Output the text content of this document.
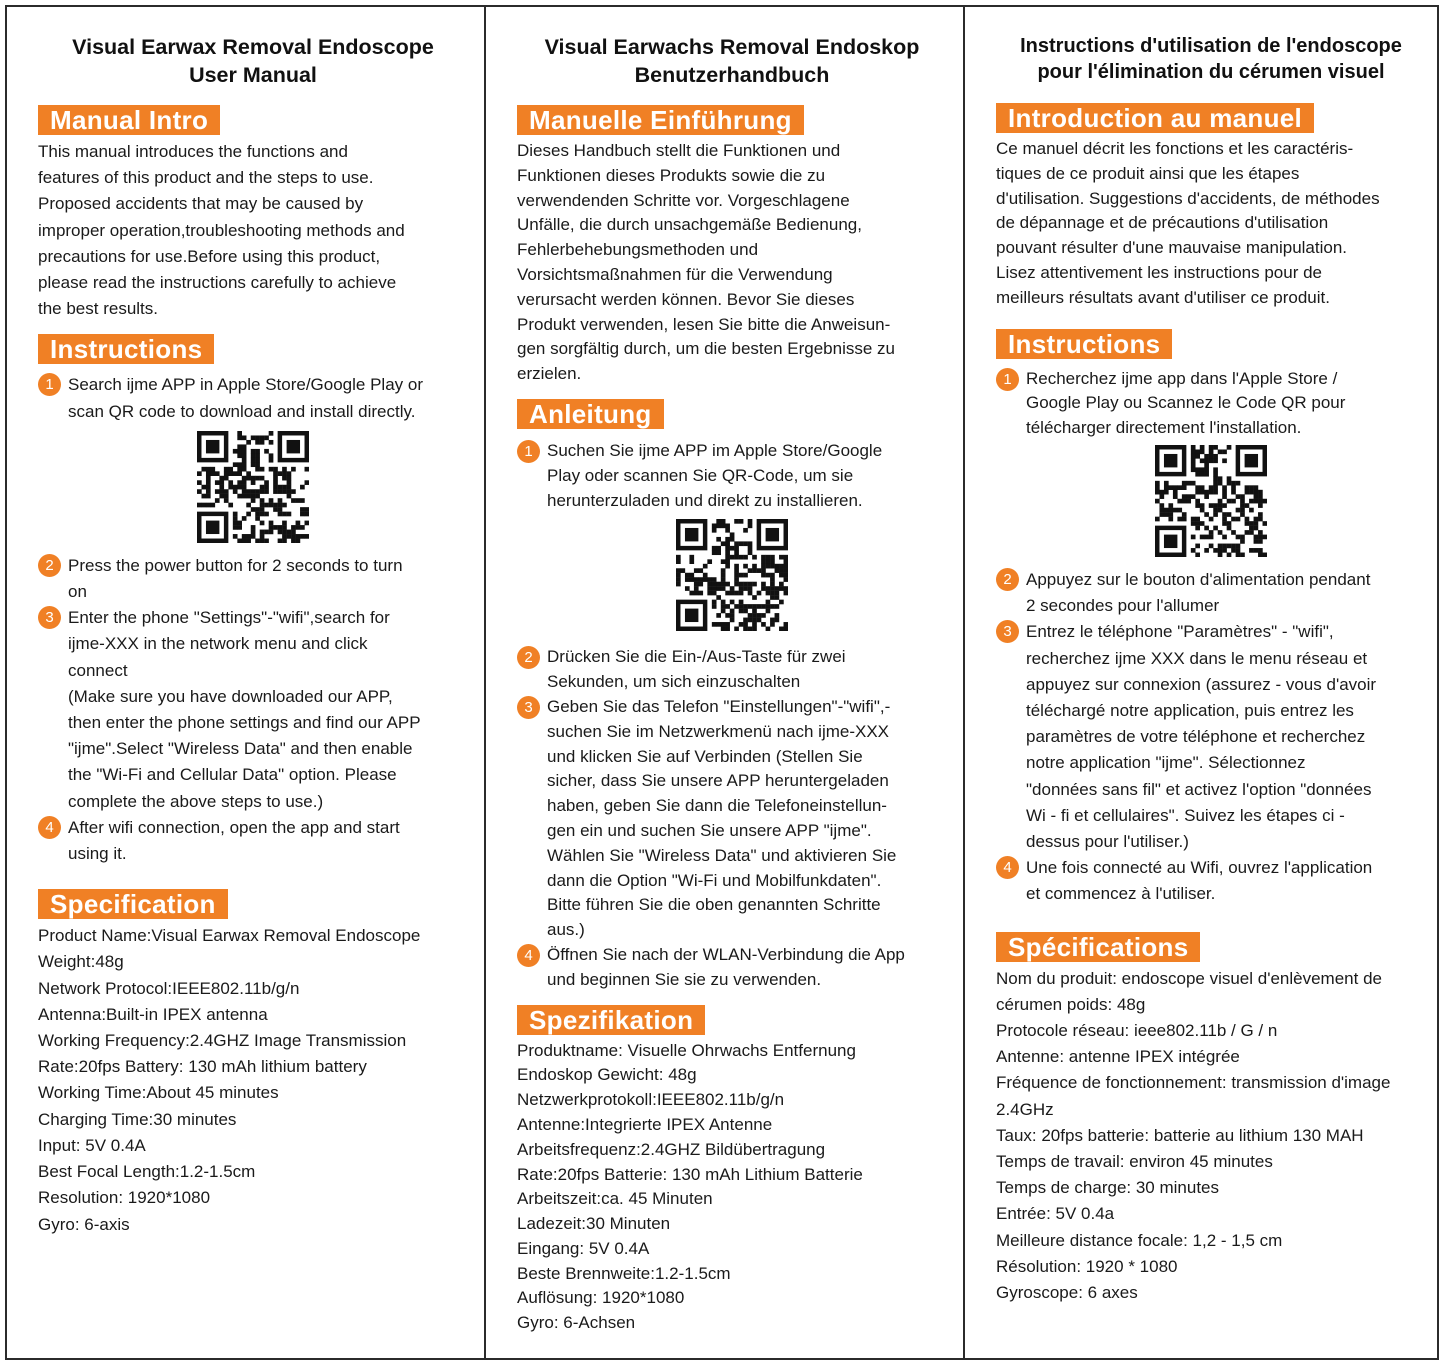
Visual Earwax Removal Endoscope
User Manual
Manual Intro
This manual introduces the functions and
features of this product and the steps to use.
Proposed accidents that may be caused by
improper operation,troubleshooting methods and
precautions for use.Before using this product,
please read the instructions carefully to achieve
the best results.
Instructions
1 Search ijme APP in Apple Store/Google Play or
scan QR code to download and install directly.
2 Press the power button for 2 seconds to turn
on
3 Enter the phone "Settings"-"wifi",search for
ijme-XXX in the network menu and click
connect
(Make sure you have downloaded our APP,
then enter the phone settings and find our APP
"ijme".Select "Wireless Data" and then enable
the "Wi-Fi and Cellular Data" option. Please
complete the above steps to use.)
4 After wifi connection, open the app and start
using it.
Specification
Product Name:Visual Earwax Removal Endoscope
Weight:48g
Network Protocol:IEEE802.11b/g/n
Antenna:Built-in IPEX antenna
Working Frequency:2.4GHZ Image Transmission
Rate:20fps Battery: 130 mAh lithium battery
Working Time:About 45 minutes
Charging Time:30 minutes
Input: 5V 0.4A
Best Focal Length:1.2-1.5cm
Resolution: 1920*1080
Gyro: 6-axis
Visual Earwachs Removal Endoskop
Benutzerhandbuch
Manuelle Einführung
Dieses Handbuch stellt die Funktionen und
Funktionen dieses Produkts sowie die zu
verwendenden Schritte vor. Vorgeschlagene
Unfälle, die durch unsachgemäße Bedienung,
Fehlerbehebungsmethoden und
Vorsichtsmaßnahmen für die Verwendung
verursacht werden können. Bevor Sie dieses
Produkt verwenden, lesen Sie bitte die Anweisun-
gen sorgfältig durch, um die besten Ergebnisse zu
erzielen.
Anleitung
1 Suchen Sie ijme APP im Apple Store/Google
Play oder scannen Sie QR-Code, um sie
herunterzuladen und direkt zu installieren.
2 Drücken Sie die Ein-/Aus-Taste für zwei
Sekunden, um sich einzuschalten
3 Geben Sie das Telefon "Einstellungen"-"wifi",-
suchen Sie im Netzwerkmenü nach ijme-XXX
und klicken Sie auf Verbinden (Stellen Sie
sicher, dass Sie unsere APP heruntergeladen
haben, geben Sie dann die Telefoneinstellun-
gen ein und suchen Sie unsere APP "ijme".
Wählen Sie "Wireless Data" und aktivieren Sie
dann die Option "Wi-Fi und Mobilfunkdaten".
Bitte führen Sie die oben genannten Schritte
aus.)
4 Öffnen Sie nach der WLAN-Verbindung die App
und beginnen Sie sie zu verwenden.
Spezifikation
Produktname: Visuelle Ohrwachs Entfernung
Endoskop Gewicht: 48g
Netzwerkprotokoll:IEEE802.11b/g/n
Antenne:Integrierte IPEX Antenne
Arbeitsfrequenz:2.4GHZ Bildübertragung
Rate:20fps Batterie: 130 mAh Lithium Batterie
Arbeitszeit:ca. 45 Minuten
Ladezeit:30 Minuten
Eingang: 5V 0.4A
Beste Brennweite:1.2-1.5cm
Auflösung: 1920*1080
Gyro: 6-Achsen
Instructions d'utilisation de l'endoscope
pour l'élimination du cérumen visuel
Introduction au manuel
Ce manuel décrit les fonctions et les caractéris-
tiques de ce produit ainsi que les étapes
d'utilisation. Suggestions d'accidents, de méthodes
de dépannage et de précautions d'utilisation
pouvant résulter d'une mauvaise manipulation.
Lisez attentivement les instructions pour de
meilleurs résultats avant d'utiliser ce produit.
Instructions
1 Recherchez ijme app dans l'Apple Store /
Google Play ou Scannez le Code QR pour
télécharger directement l'installation.
2 Appuyez sur le bouton d'alimentation pendant
2 secondes pour l'allumer
3 Entrez le téléphone "Paramètres" - "wifi",
recherchez ijme XXX dans le menu réseau et
appuyez sur connexion (assurez - vous d'avoir
téléchargé notre application, puis entrez les
paramètres de votre téléphone et recherchez
notre application "ijme". Sélectionnez
"données sans fil" et activez l'option "données
Wi - fi et cellulaires". Suivez les étapes ci -
dessus pour l'utiliser.)
4 Une fois connecté au Wifi, ouvrez l'application
et commencez à l'utiliser.
Spécifications
Nom du produit: endoscope visuel d'enlèvement de
cérumen poids: 48g
Protocole réseau: ieee802.11b / G / n
Antenne: antenne IPEX intégrée
Fréquence de fonctionnement: transmission d'image
2.4GHz
Taux: 20fps batterie: batterie au lithium 130 MAH
Temps de travail: environ 45 minutes
Temps de charge: 30 minutes
Entrée: 5V 0.4a
Meilleure distance focale: 1,2 - 1,5 cm
Résolution: 1920 * 1080
Gyroscope: 6 axes
